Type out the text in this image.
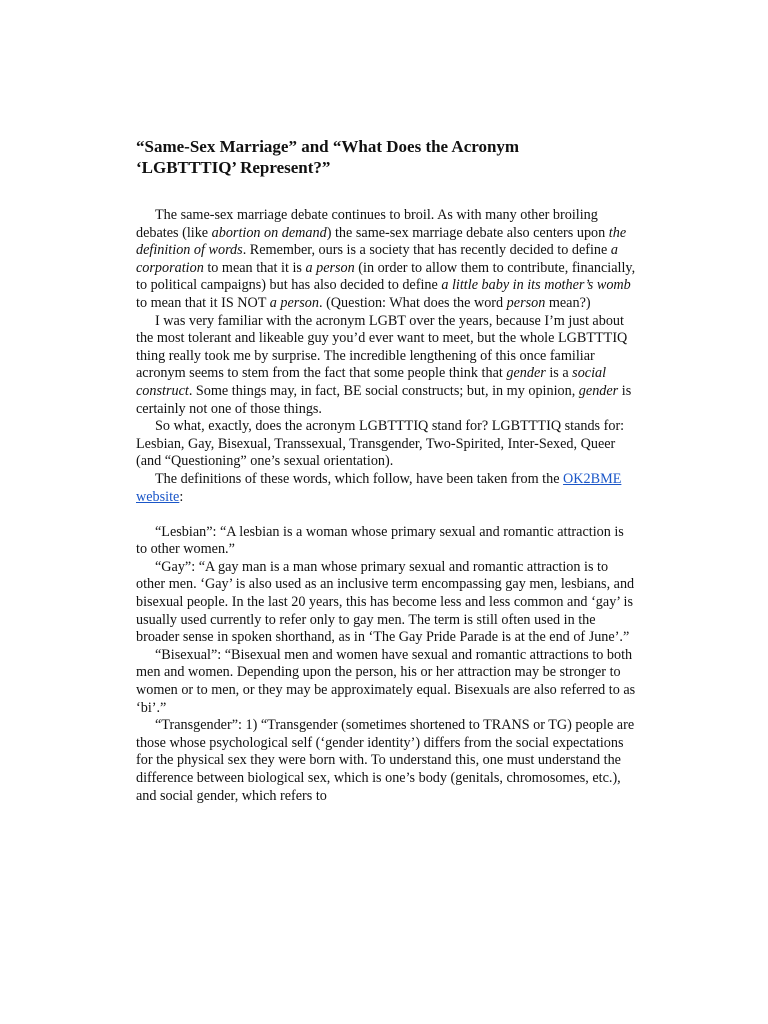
“Same-Sex Marriage” and “What Does the Acronym ‘LGBTTTIQ’ Represent?”

The same-sex marriage debate continues to broil. As with many other broiling debates (like abortion on demand) the same-sex marriage debate also centers upon the definition of words. Remember, ours is a society that has recently decided to define a corporation to mean that it is a person (in order to allow them to contribute, financially, to political campaigns) but has also decided to define a little baby in its mother’s womb to mean that it IS NOT a person. (Question: What does the word person mean?)

I was very familiar with the acronym LGBT over the years, because I’m just about the most tolerant and likeable guy you’d ever want to meet, but the whole LGBTTTIQ thing really took me by surprise. The incredible lengthening of this once familiar acronym seems to stem from the fact that some people think that gender is a social construct. Some things may, in fact, BE social constructs; but, in my opinion, gender is certainly not one of those things.

So what, exactly, does the acronym LGBTTTIQ stand for? LGBTTTIQ stands for: Lesbian, Gay, Bisexual, Transsexual, Transgender, Two-Spirited, Inter-Sexed, Queer (and “Questioning” one’s sexual orientation).

The definitions of these words, which follow, have been taken from the OK2BME website:

“Lesbian”: “A lesbian is a woman whose primary sexual and romantic attraction is to other women.”

“Gay”: “A gay man is a man whose primary sexual and romantic attraction is to other men. ‘Gay’ is also used as an inclusive term encompassing gay men, lesbians, and bisexual people. In the last 20 years, this has become less and less common and ‘gay’ is usually used currently to refer only to gay men. The term is still often used in the broader sense in spoken shorthand, as in ‘The Gay Pride Parade is at the end of June’.”

“Bisexual”: “Bisexual men and women have sexual and romantic attractions to both men and women. Depending upon the person, his or her attraction may be stronger to women or to men, or they may be approximately equal. Bisexuals are also referred to as ‘bi’.”

“Transgender”: 1) “Transgender (sometimes shortened to TRANS or TG) people are those whose psychological self (‘gender identity’) differs from the social expectations for the physical sex they were born with. To understand this, one must understand the difference between biological sex, which is one’s body (genitals, chromosomes, etc.), and social gender, which refers to
